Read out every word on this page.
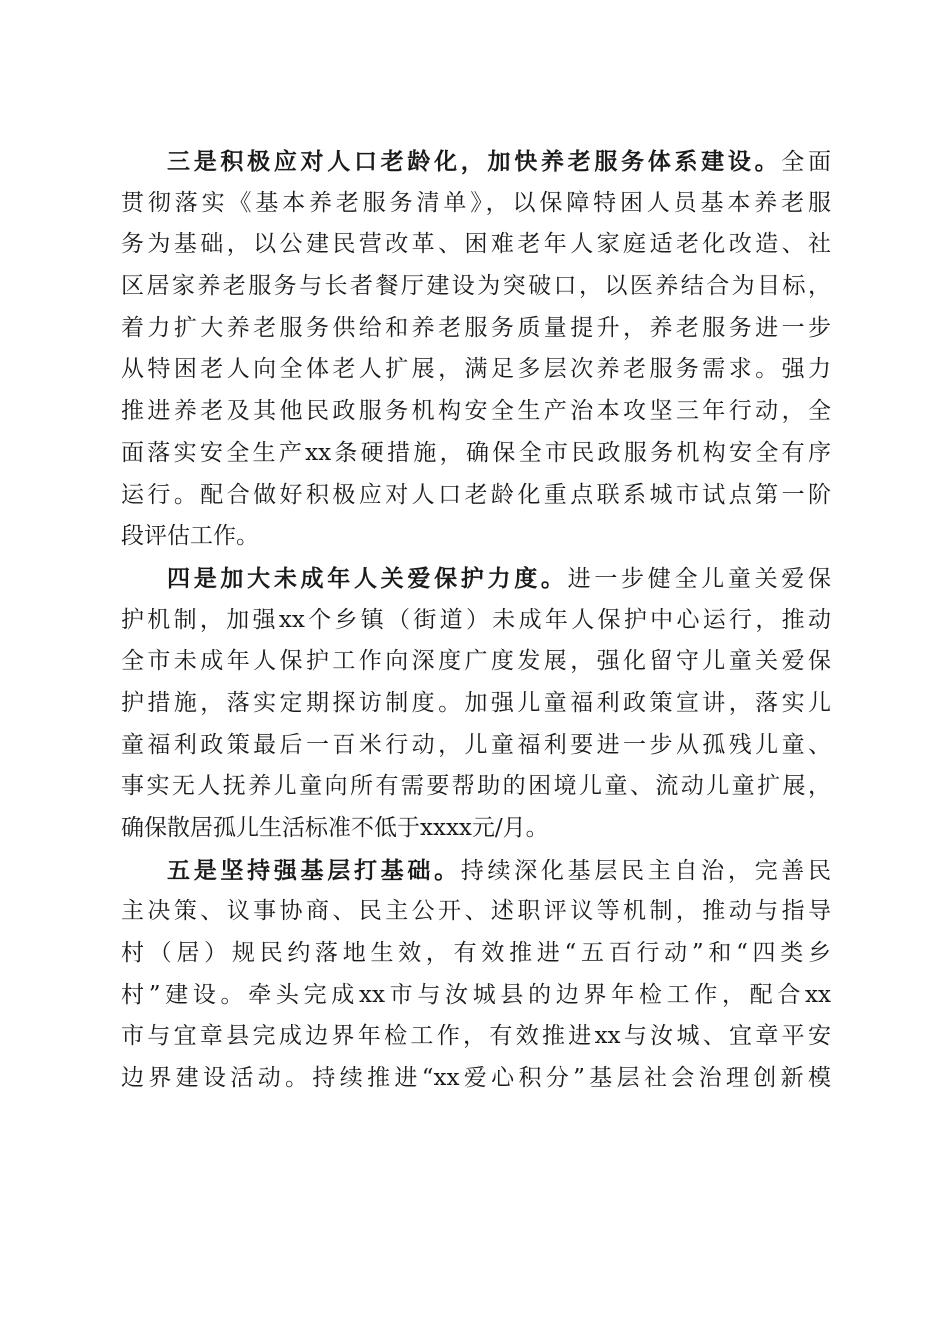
三是积极应对人口老龄化，加快养老服务体系建设。全面
贯彻落实《基本养老服务清单》，以保障特困人员基本养老服
务为基础，以公建民营改革、困难老年人家庭适老化改造、社
区居家养老服务与长者餐厅建设为突破口，以医养结合为目标，
着力扩大养老服务供给和养老服务质量提升，养老服务进一步
从特困老人向全体老人扩展，满足多层次养老服务需求。强力
推进养老及其他民政服务机构安全生产治本攻坚三年行动，全
面落实安全生产xx条硬措施，确保全市民政服务机构安全有序
运行。配合做好积极应对人口老龄化重点联系城市试点第一阶
段评估工作。
四是加大未成年人关爱保护力度。进一步健全儿童关爱保
护机制，加强xx个乡镇（街道）未成年人保护中心运行，推动
全市未成年人保护工作向深度广度发展，强化留守儿童关爱保
护措施，落实定期探访制度。加强儿童福利政策宣讲，落实儿
童福利政策最后一百米行动，儿童福利要进一步从孤残儿童、
事实无人抚养儿童向所有需要帮助的困境儿童、流动儿童扩展，
确保散居孤儿生活标准不低于xxxx元/月。
五是坚持强基层打基础。持续深化基层民主自治，完善民
主决策、议事协商、民主公开、述职评议等机制，推动与指导
村（居）规民约落地生效，有效推进“五百行动”和“四类乡
村”建设。牵头完成xx市与汝城县的边界年检工作，配合xx
市与宜章县完成边界年检工作，有效推进xx与汝城、宜章平安
边界建设活动。持续推进“xx爱心积分”基层社会治理创新模
